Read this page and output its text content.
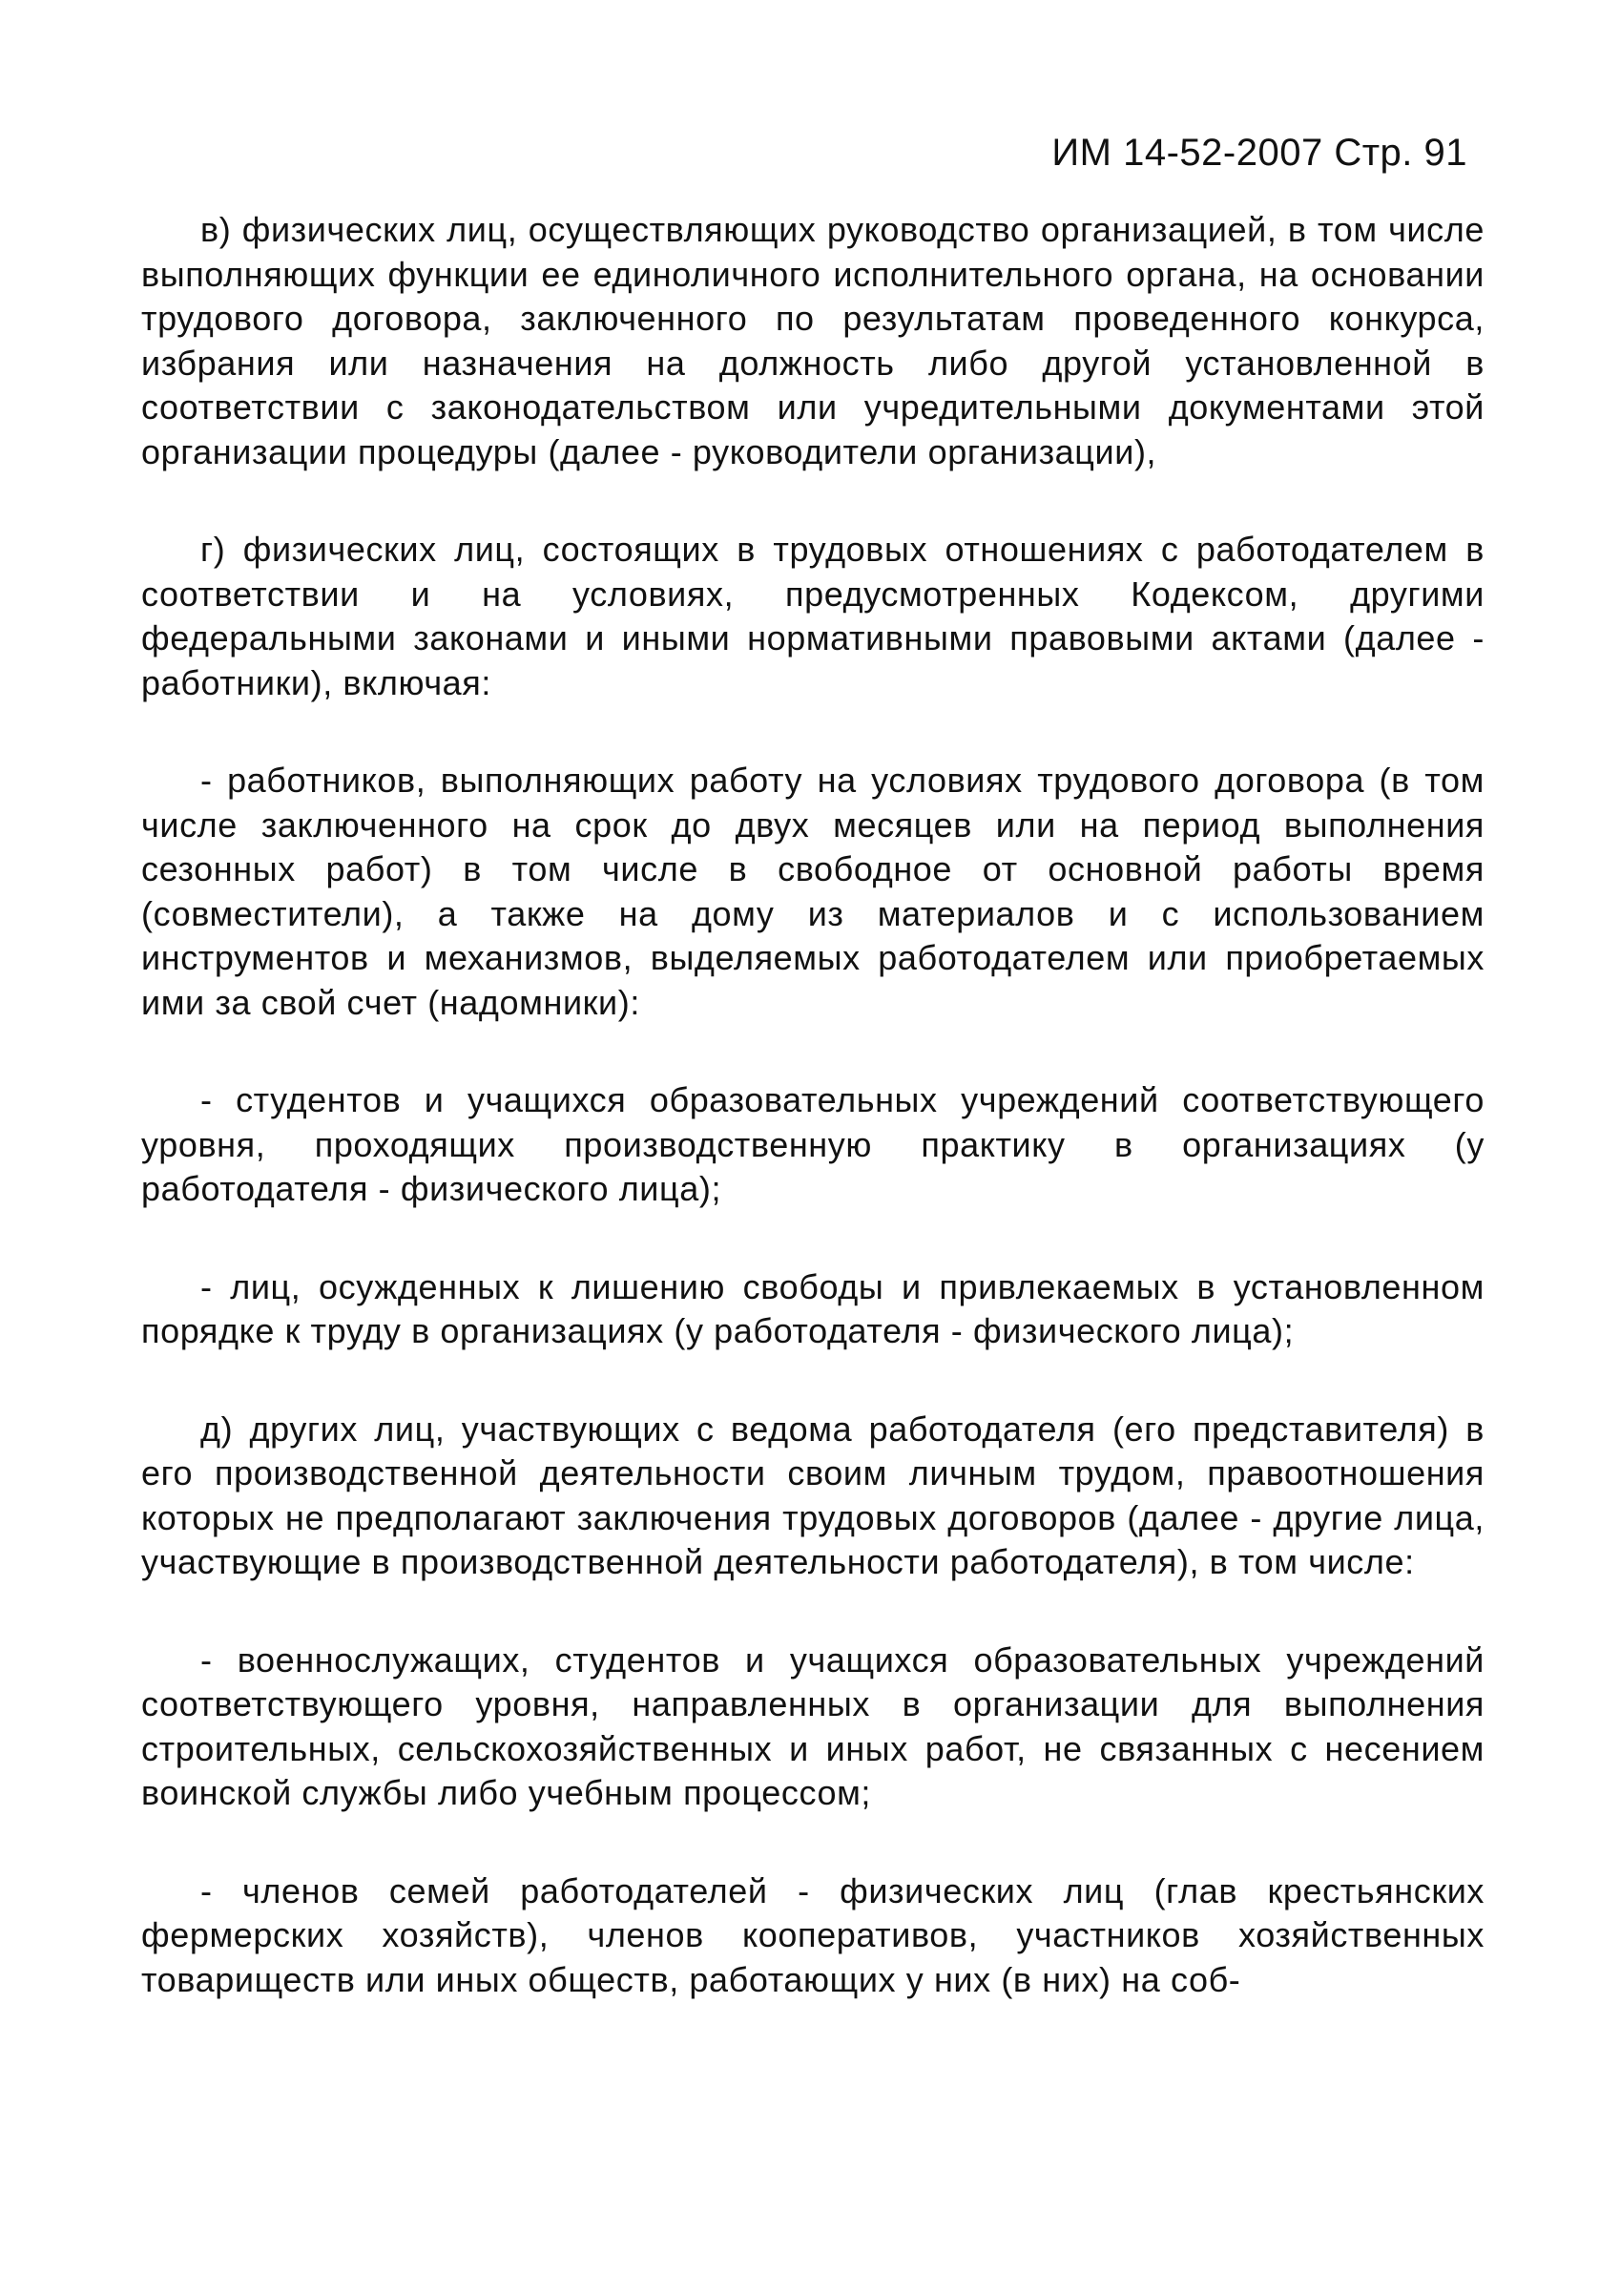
ИМ 14-52-2007 Стр. 91

в) физических лиц, осуществляющих руководство организацией, в том числе выполняющих функции ее единоличного исполнительного органа, на основании трудового договора, заключенного по результатам проведенного конкурса, избрания или назначения на должность либо другой установленной в соответствии с законодательством или учредительными документами этой организации процедуры (далее - руководители организации),

г) физических лиц, состоящих в трудовых отношениях с работодателем в соответствии и на условиях, предусмотренных Кодексом, другими федеральными законами и иными нормативными правовыми актами (далее - работники), включая:

- работников, выполняющих работу на условиях трудового договора (в том числе заключенного на срок до двух месяцев или на период выполнения сезонных работ) в том числе в свободное от основной работы время (совместители), а также на дому из материалов и с использованием инструментов и механизмов, выделяемых работодателем или приобретаемых ими за свой счет (надомники):

- студентов и учащихся образовательных учреждений соответствующего уровня, проходящих производственную практику в организациях (у работодателя - физического лица);

- лиц, осужденных к лишению свободы и привлекаемых в установленном порядке к труду в организациях (у работодателя - физического лица);

д) других лиц, участвующих с ведома работодателя (его представителя) в его производственной деятельности своим личным трудом, правоотношения которых не предполагают заключения трудовых договоров (далее - другие лица, участвующие в производственной деятельности работодателя), в том числе:

- военнослужащих, студентов и учащихся образовательных учреждений соответствующего уровня, направленных в организации для выполнения строительных, сельскохозяйственных и иных работ, не связанных с несением воинской службы либо учебным процессом;

- членов семей работодателей - физических лиц (глав крестьянских фермерских хозяйств), членов кооперативов, участников хозяйственных товариществ или иных обществ, работающих у них (в них) на соб-
